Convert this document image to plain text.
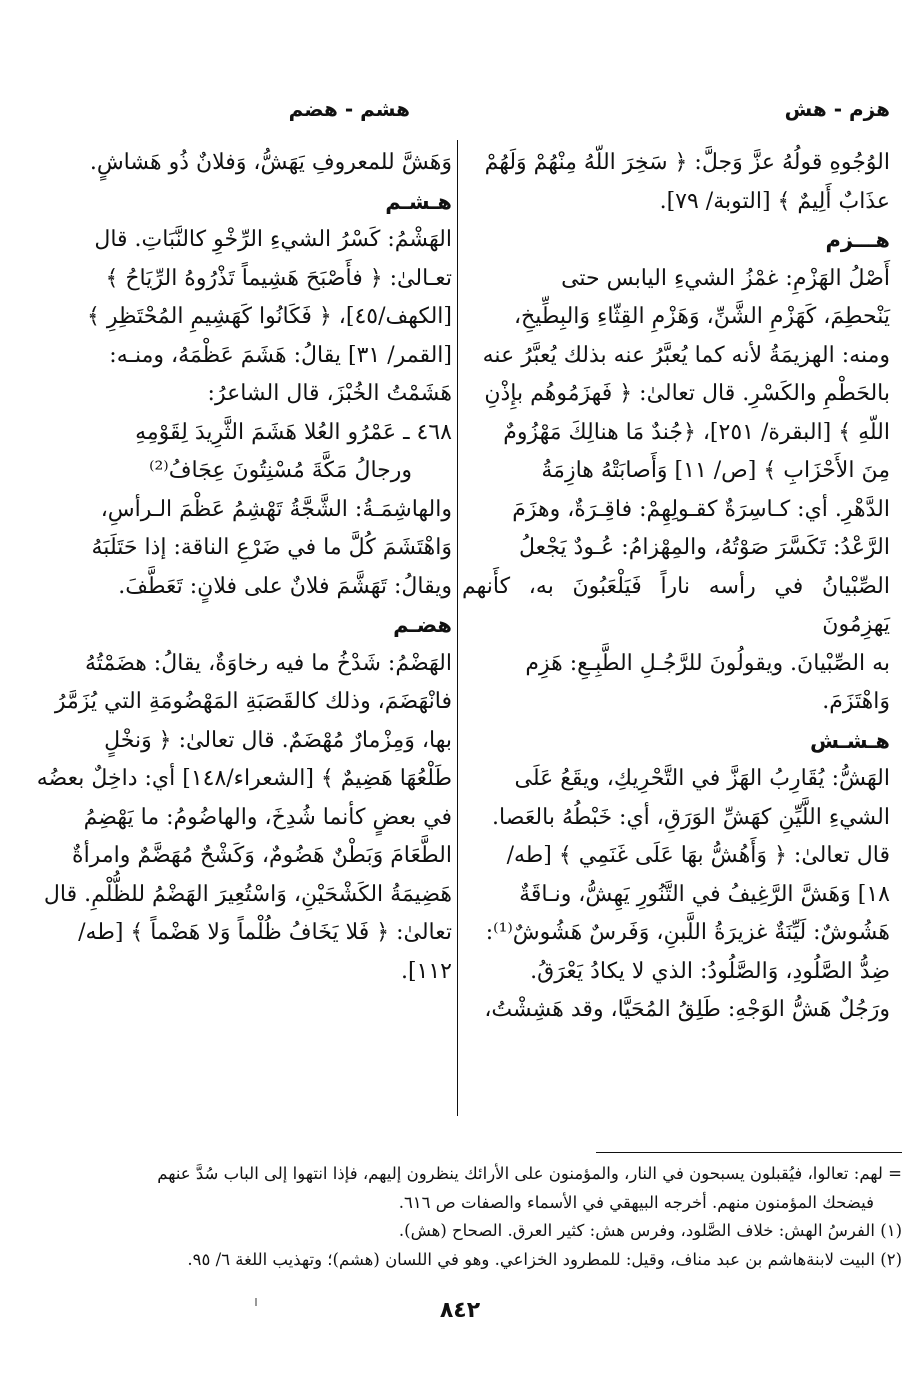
هزم - هش
هشم - هضم

الوُجُوهِ قولُهُ عزَّ وَجلَّ: ﴿ سَخِرَ اللّهُ مِنْهُمْ وَلَهُمْ

عذَابٌ أَلِيمٌ ﴾ [التوبة/ ٧٩].

هـــزم

أَصْلُ الهَزْمِ: غمْزُ الشيءِ اليابس حتى

يَنْحطِمَ، كَهَزْمِ الشَّنِّ، وَهَزْمِ القِثّاءِ وَالبِطِّيخِ،

ومنه: الهزيمَةُ لأنه كما يُعبَّرُ عنه بذلك يُعبَّرُ عنه

بالحَطْمِ والكَسْرِ. قال تعالىٰ: ﴿ فَهزَمُوهُم بإِذْنِ

اللّهِ ﴾ [البقرة/ ٢٥١]، ﴿جُندٌ مَا هنالِكَ مَهْزُومٌ

مِنَ الأَحْزَابِ ﴾ [ص/ ١١] وَأَصابَتْهُ هازِمَةُ

الدَّهْرِ. أي: كـاسِرَةٌ كقـولِهِمْ: فاقِـرَةٌ، وهزَمَ

الرَّعْدُ: تَكَسَّرَ صَوْتُهُ، والمِهْزامُ: عُـودٌ يَجْعلُ

الصِّبْيانُ في رأسه ناراً فَيَلْعَبُونَ به، كأَنهم يَهزِمُونَ

به الصِّبْيانَ. ويقولُونَ للرَّجُـلِ الطَّبِـعِ: هَزِم

وَاهْتَزَمَ.

هـشـش

الهَشُّ: يُقَارِبُ الهَزَّ في التَّحْرِيكِ، ويقَعُ عَلَى

الشيءِ اللَّيِّنِ كهَشِّ الوَرَقِ، أي: خَبْطُهُ بالعَصا.

قال تعالىٰ: ﴿ وَأَهُشُّ بهَا عَلَى غَنَمِي ﴾ [طه/

١٨] وَهَشَّ الرَّغِيفُ في التَّنُورِ يَهِشُّ، ونـاقَةٌ

هَشُوشٌ: لَيِّنَةٌ غزيرَةُ اللَّبنِ، وَفَرسٌ هَشُوشٌ⁽¹⁾:

ضِدُّ الصَّلُودِ، وَالصَّلُودُ: الذي لا يكادُ يَعْرَقُ.

ورَجُلٌ هَشُّ الوَجْهِ: طَلِقُ المُحَيَّا، وقد هَشِشْتُ،

وَهَشَّ للمعروفِ يَهَشُّ، وَفلانٌ ذُو هَشاشٍ.

هـشـم

الهَشْمُ: كَسْرُ الشيءِ الرِّخْوِ كالنَّبَاتِ. قال

تعـالىٰ: ﴿ فأَصْبَحَ هَشِيماً تَذْرُوهُ الرِّيَاحُ ﴾

[الكهف/٤٥]، ﴿ فَكَانُوا كَهَشِيمِ المُحْتَظِرِ ﴾

[القمر/ ٣١] يقالُ: هَشَمَ عَظْمَهُ، ومنـه:

هَشَمْتُ الخُبْزَ، قال الشاعرُ:

٤٦٨ ـ عَمْرُو العُلا هَشَمَ الثَّرِيدَ لِقَوْمِهِ

ورجالُ مَكَّةَ مُسْنِتُونَ عِجَافُ⁽²⁾

والهاشِمَـةُ: الشَّجَّةُ تَهْشِمُ عَظْمَ الـرأسِ،

وَاهْتَشَمَ كُلَّ ما في ضَرْعِ الناقة: إذا حَتَلَبَهُ

ويقالُ: تَهَشَّمَ فلانٌ على فلانٍ: تَعَطَّفَ.

هضـم

الهَضْمُ: شَدْخُ ما فيه رخاوَةٌ، يقالُ: هضَمْتُهُ

فانْهَضَمَ، وذلك كالقَصَبَةِ المَهْضُومَةِ التي يُزَمَّرُ

بها، وَمِزْمارٌ مُهْضَمٌ. قال تعالىٰ: ﴿ وَنخْلٍ

طَلْعُهَا هَضِيمٌ ﴾ [الشعراء/١٤٨] أي: داخِلٌ بعضُه

في بعضٍ كأنما شُدِخَ، والهاضُومُ: ما يَهْضِمُ

الطَّعَامَ وَبَطْنٌ هَضُومٌ، وَكَشْحٌ مُهَضَّمٌ وامرأةٌ

هَضِيمَةُ الكَشْحَيْنِ، وَاسْتُعِيرَ الهَضْمُ للظُّلْمِ. قال

تعالىٰ: ﴿ فَلا يَخَافُ ظُلْماً وَلا هَضْماً ﴾ [طه/

١١٢].

= لهم: تعالوا، فيُقبلون يسبحون في النار، والمؤمنون على الأرائك ينظرون إليهم، فإذا انتهوا إلى الباب سُدَّ عنهم

فيضحك المؤمنون منهم. أخرجه البيهقي في الأسماء والصفات ص ٦١٦.

(١) الفرسُ الهش: خلاف الصَّلود، وفرس هش: كثير العرق. الصحاح (هش).

(٢) البيت لابنةهاشم بن عبد مناف، وقيل: للمطرود الخزاعي. وهو في اللسان (هشم)؛ وتهذيب اللغة ٦/ ٩٥.

٨٤٢
